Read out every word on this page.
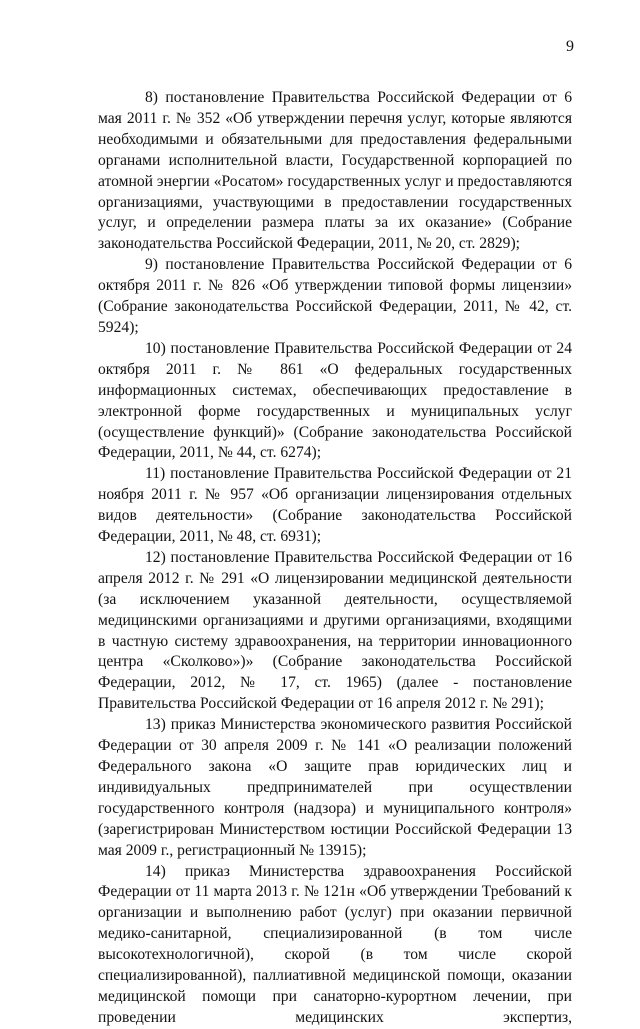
9

8) постановление Правительства Российской Федерации от 6 мая 2011 г. № 352 «Об утверждении перечня услуг, которые являются необходимыми и обязательными для предоставления федеральными органами исполнительной власти, Государственной корпорацией по атомной энергии «Росатом» государственных услуг и предоставляются организациями, участвующими в предоставлении государственных услуг, и определении размера платы за их оказание» (Собрание законодательства Российской Федерации, 2011, № 20, ст. 2829);

9) постановление Правительства Российской Федерации от 6 октября 2011 г. № 826 «Об утверждении типовой формы лицензии» (Собрание законодательства Российской Федерации, 2011, № 42, ст. 5924);

10) постановление Правительства Российской Федерации от 24 октября 2011 г. № 861 «О федеральных государственных информационных системах, обеспечивающих предоставление в электронной форме государственных и муниципальных услуг (осуществление функций)» (Собрание законодательства Российской Федерации, 2011, № 44, ст. 6274);

11) постановление Правительства Российской Федерации от 21 ноября 2011 г. № 957 «Об организации лицензирования отдельных видов деятельности» (Собрание законодательства Российской Федерации, 2011, № 48, ст. 6931);

12) постановление Правительства Российской Федерации от 16 апреля 2012 г. № 291 «О лицензировании медицинской деятельности (за исключением указанной деятельности, осуществляемой медицинскими организациями и другими организациями, входящими в частную систему здравоохранения, на территории инновационного центра «Сколково»)» (Собрание законодательства Российской Федерации, 2012, № 17, ст. 1965) (далее - постановление Правительства Российской Федерации от 16 апреля 2012 г. № 291);

13) приказ Министерства экономического развития Российской Федерации от 30 апреля 2009 г. № 141 «О реализации положений Федерального закона «О защите прав юридических лиц и индивидуальных предпринимателей при осуществлении государственного контроля (надзора) и муниципального контроля» (зарегистрирован Министерством юстиции Российской Федерации 13 мая 2009 г., регистрационный № 13915);

14) приказ Министерства здравоохранения Российской Федерации от 11 марта 2013 г. № 121н «Об утверждении Требований к организации и выполнению работ (услуг) при оказании первичной медико-санитарной, специализированной (в том числе высокотехнологичной), скорой (в том числе скорой специализированной), паллиативной медицинской помощи, оказании медицинской помощи при санаторно-курортном лечении, при проведении медицинских экспертиз,
